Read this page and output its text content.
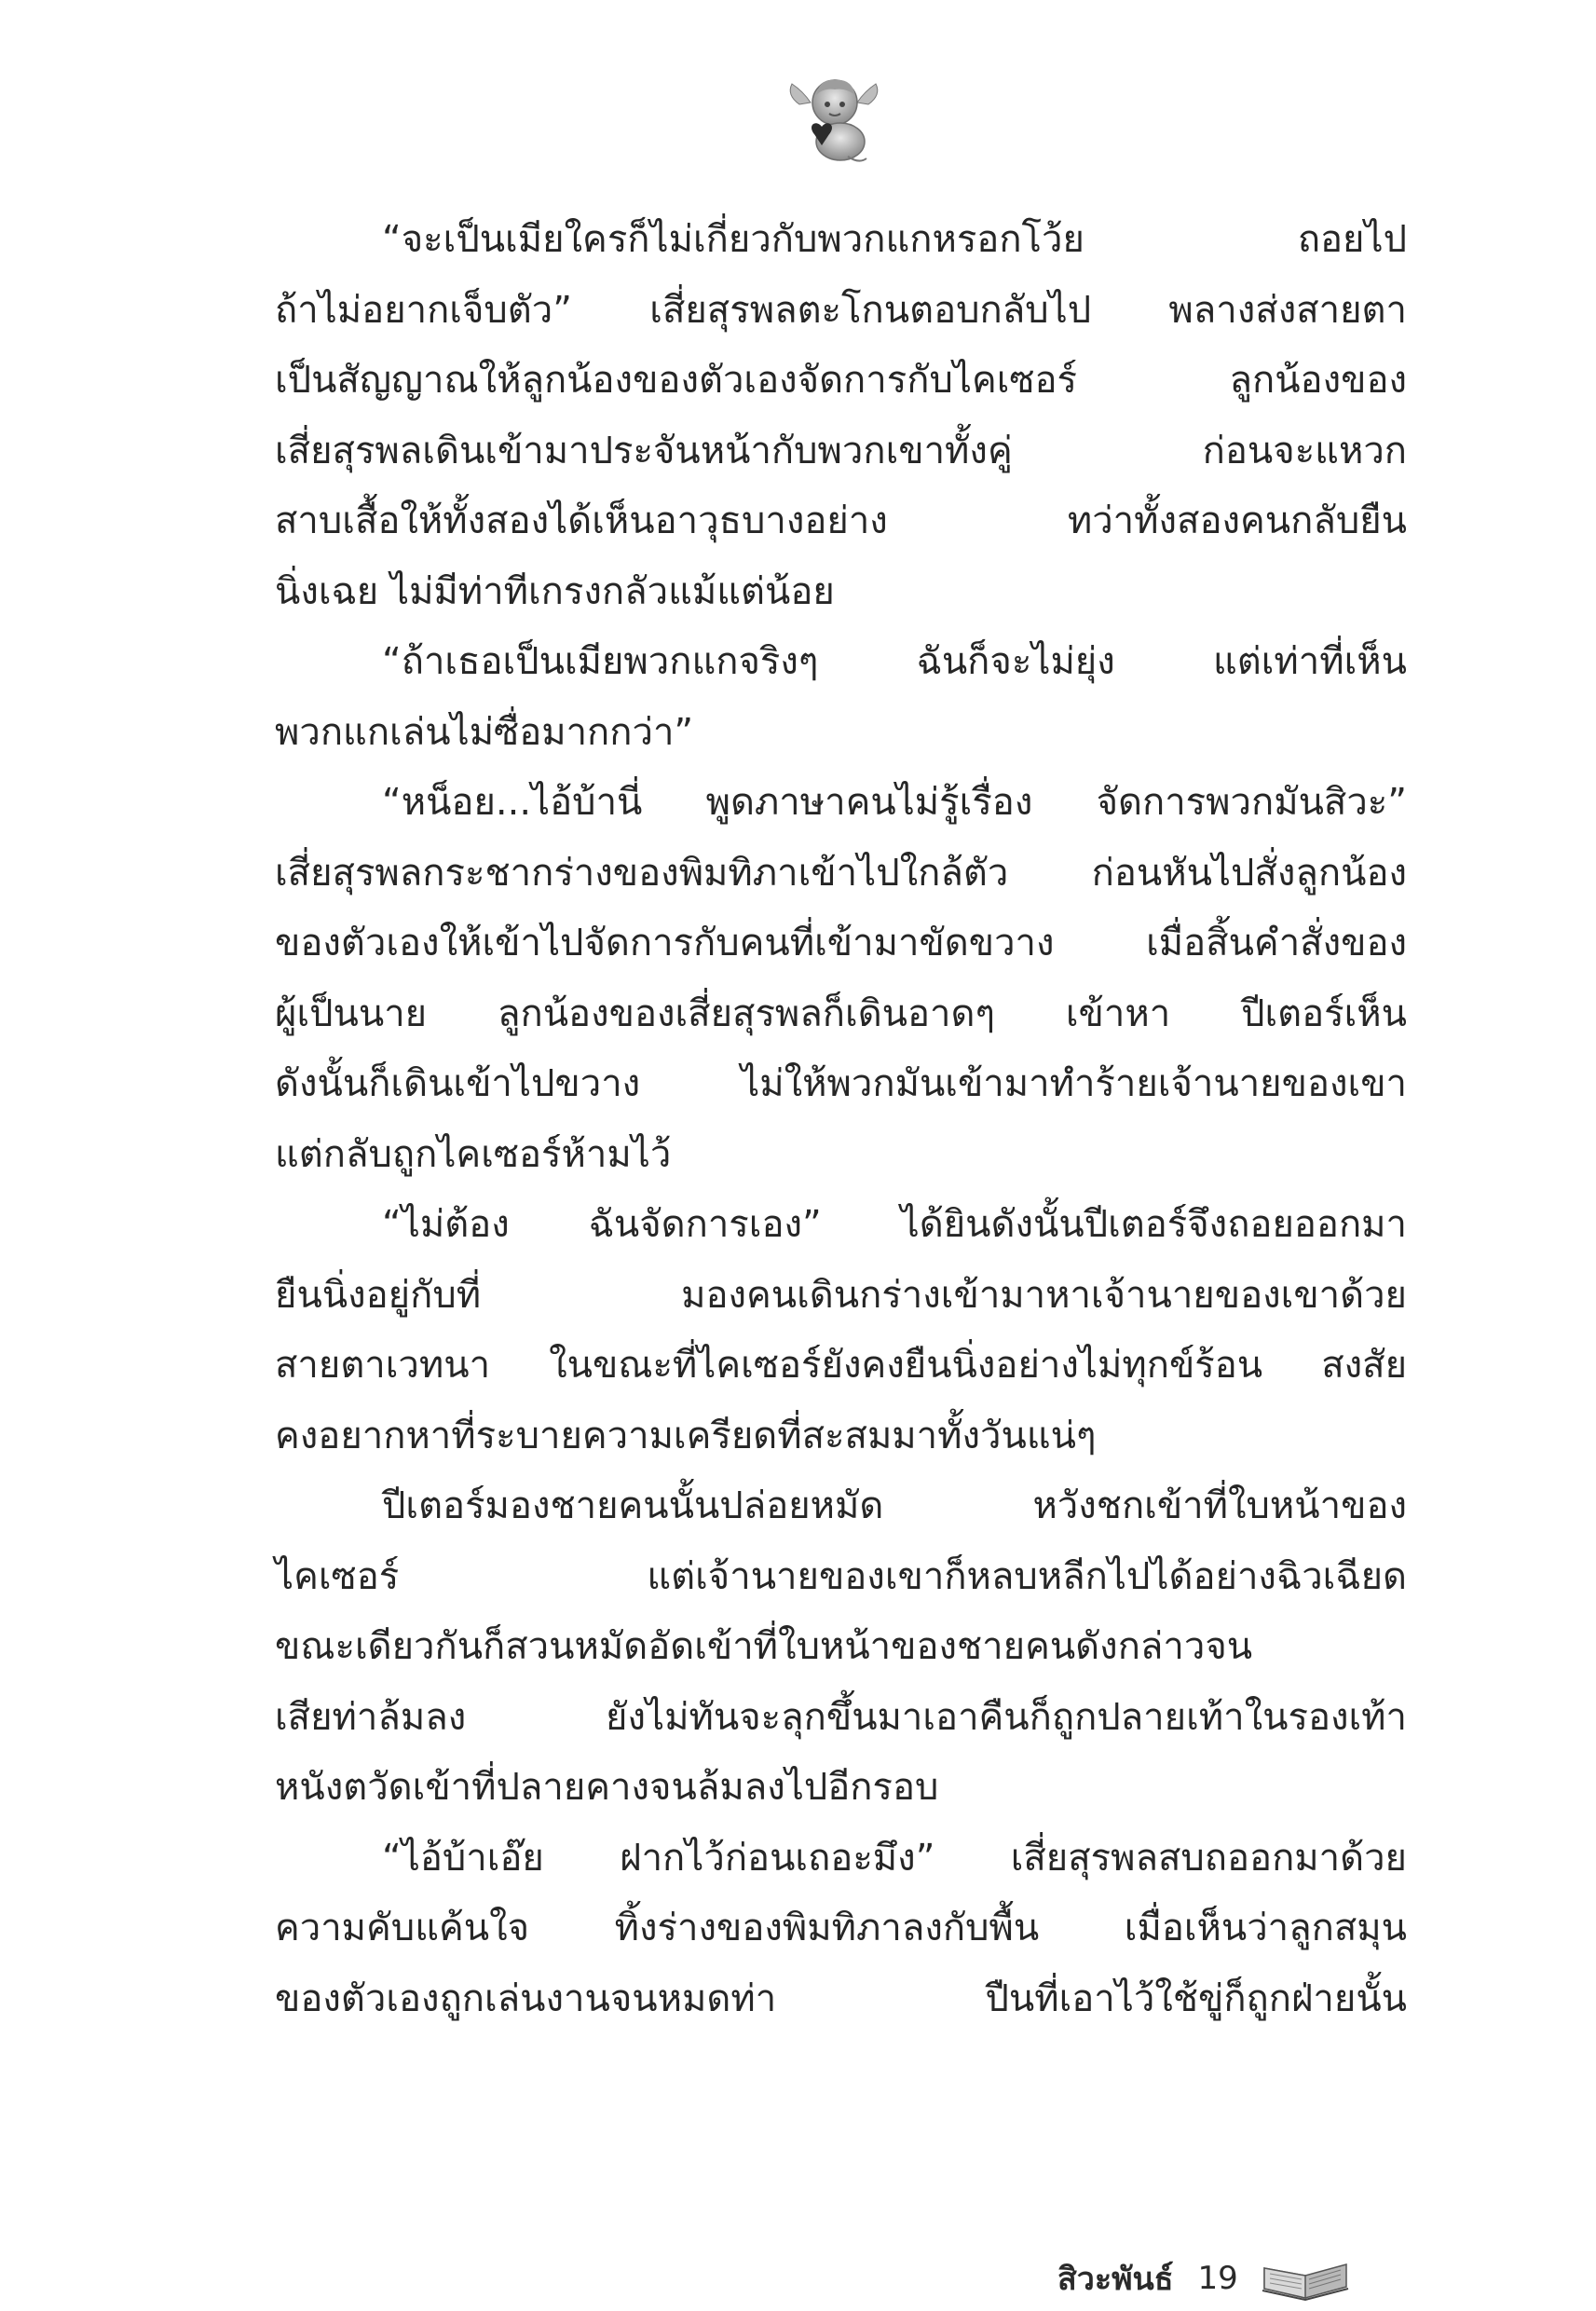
“จะเป็นเมียใครก็ไม่เกี่ยวกับพวกแกหรอกโว้ย ถอยไป
ถ้าไม่อยากเจ็บตัว” เสี่ยสุรพลตะโกนตอบกลับไป พลางส่งสายตา
เป็นสัญญาณให้ลูกน้องของตัวเองจัดการกับไคเซอร์ ลูกน้องของ
เสี่ยสุรพลเดินเข้ามาประจันหน้ากับพวกเขาทั้งคู่ ก่อนจะแหวก
สาบเสื้อให้ทั้งสองได้เห็นอาวุธบางอย่าง ทว่าทั้งสองคนกลับยืน
นิ่งเฉย ไม่มีท่าทีเกรงกลัวแม้แต่น้อย
“ถ้าเธอเป็นเมียพวกแกจริงๆ ฉันก็จะไม่ยุ่ง แต่เท่าที่เห็น
พวกแกเล่นไม่ซื่อมากกว่า”
“หน็อย...ไอ้บ้านี่ พูดภาษาคนไม่รู้เรื่อง จัดการพวกมันสิวะ”
เสี่ยสุรพลกระชากร่างของพิมทิภาเข้าไปใกล้ตัว ก่อนหันไปสั่งลูกน้อง
ของตัวเองให้เข้าไปจัดการกับคนที่เข้ามาขัดขวาง เมื่อสิ้นคำสั่งของ
ผู้เป็นนาย ลูกน้องของเสี่ยสุรพลก็เดินอาดๆ เข้าหา ปีเตอร์เห็น
ดังนั้นก็เดินเข้าไปขวาง ไม่ให้พวกมันเข้ามาทำร้ายเจ้านายของเขา
แต่กลับถูกไคเซอร์ห้ามไว้
“ไม่ต้อง ฉันจัดการเอง” ได้ยินดังนั้นปีเตอร์จึงถอยออกมา
ยืนนิ่งอยู่กับที่ มองคนเดินกร่างเข้ามาหาเจ้านายของเขาด้วย
สายตาเวทนา ในขณะที่ไคเซอร์ยังคงยืนนิ่งอย่างไม่ทุกข์ร้อน สงสัย
คงอยากหาที่ระบายความเครียดที่สะสมมาทั้งวันแน่ๆ
ปีเตอร์มองชายคนนั้นปล่อยหมัด หวังชกเข้าที่ใบหน้าของ
ไคเซอร์ แต่เจ้านายของเขาก็หลบหลีกไปได้อย่างฉิวเฉียด
ขณะเดียวกันก็สวนหมัดอัดเข้าที่ใบหน้าของชายคนดังกล่าวจน
เสียท่าล้มลง ยังไม่ทันจะลุกขึ้นมาเอาคืนก็ถูกปลายเท้าในรองเท้า
หนังตวัดเข้าที่ปลายคางจนล้มลงไปอีกรอบ
“ไอ้บ้าเอ๊ย ฝากไว้ก่อนเถอะมึง” เสี่ยสุรพลสบถออกมาด้วย
ความคับแค้นใจ ทิ้งร่างของพิมทิภาลงกับพื้น เมื่อเห็นว่าลูกสมุน
ของตัวเองถูกเล่นงานจนหมดท่า ปืนที่เอาไว้ใช้ขู่ก็ถูกฝ่ายนั้น
สิวะพันธ์ 19
